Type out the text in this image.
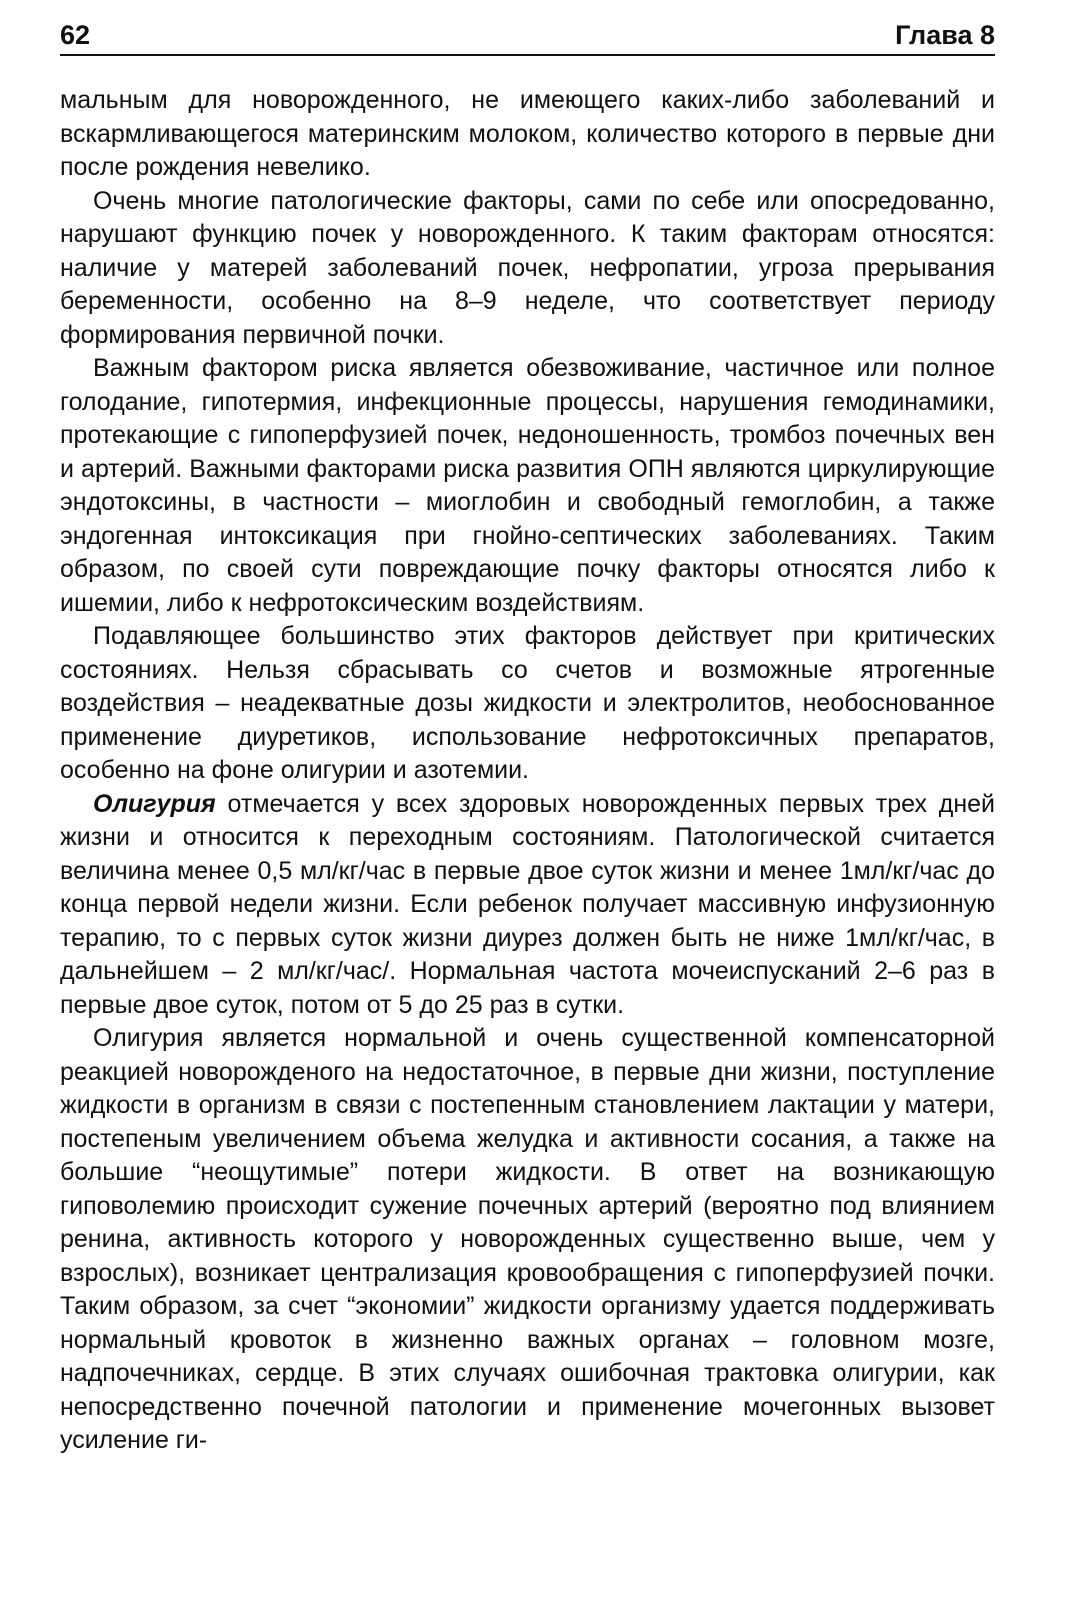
62	Глава 8

мальным для новорожденного, не имеющего каких-либо заболеваний и вскармливающегося материнским молоком, количество которого в первые дни после рождения невелико.

Очень многие патологические факторы, сами по себе или опосредованно, нарушают функцию почек у новорожденного. К таким факторам относятся: наличие у матерей заболеваний почек, нефропатии, угроза прерывания беременности, особенно на 8–9 неделе, что соответствует периоду формирования первичной почки.

Важным фактором риска является обезвоживание, частичное или полное голодание, гипотермия, инфекционные процессы, нарушения гемодинамики, протекающие с гипоперфузией почек, недоношенность, тромбоз почечных вен и артерий. Важными факторами риска развития ОПН являются циркулирующие эндотоксины, в частности – миоглобин и свободный гемоглобин, а также эндогенная интоксикация при гнойно-септических заболеваниях. Таким образом, по своей сути повреждающие почку факторы относятся либо к ишемии, либо к нефротоксическим воздействиям.

Подавляющее большинство этих факторов действует при критических состояниях. Нельзя сбрасывать со счетов и возможные ятрогенные воздействия – неадекватные дозы жидкости и электролитов, необоснованное применение диуретиков, использование нефротоксичных препаратов, особенно на фоне олигурии и азотемии.

Олигурия отмечается у всех здоровых новорожденных первых трех дней жизни и относится к переходным состояниям. Патологической считается величина менее 0,5 мл/кг/час в первые двое суток жизни и менее 1мл/кг/час до конца первой недели жизни. Если ребенок получает массивную инфузионную терапию, то с первых суток жизни диурез должен быть не ниже 1мл/кг/час, в дальнейшем – 2 мл/кг/час/. Нормальная частота мочеиспусканий 2–6 раз в первые двое суток, потом от 5 до 25 раз в сутки.

Олигурия является нормальной и очень существенной компенсаторной реакцией новорожденого на недостаточное, в первые дни жизни, поступление жидкости в организм в связи с постепенным становлением лактации у матери, постепеным увеличением объема желудка и активности сосания, а также на большие “неощутимые” потери жидкости. В ответ на возникающую гиповолемию происходит сужение почечных артерий (вероятно под влиянием ренина, активность которого у новорожденных существенно выше, чем у взрослых), возникает централизация кровообращения с гипоперфузией почки. Таким образом, за счет “экономии” жидкости организму удается поддерживать нормальный кровоток в жизненно важных органах – головном мозге, надпочечниках, сердце. В этих случаях ошибочная трактовка олигурии, как непосредственно почечной патологии и применение мочегонных вызовет усиление ги-
